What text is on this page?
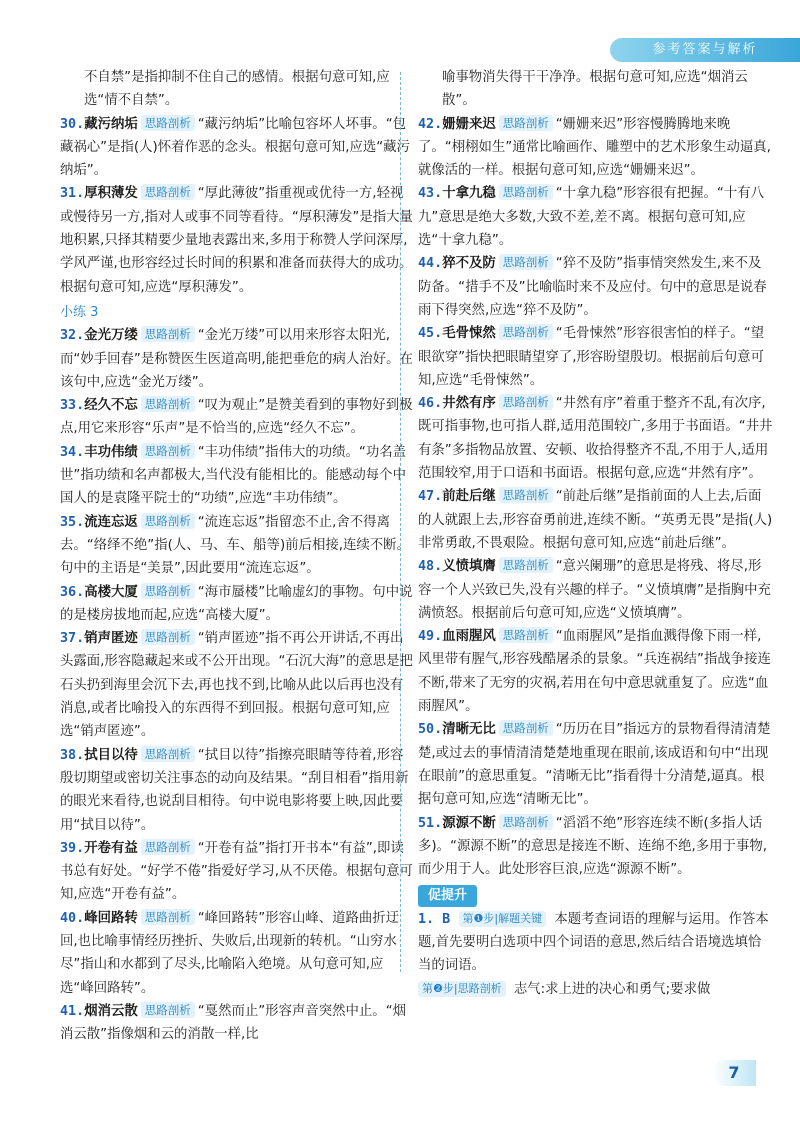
参考答案与解析

不自禁”是指抑制不住自己的感情。根据句意可知,应选“情不自禁”。

30.藏污纳垢 思路剖析 “藏污纳垢”比喻包容坏人坏事。“包藏祸心”是指(人)怀着作恶的念头。根据句意可知,应选“藏污纳垢”。

31.厚积薄发 思路剖析 “厚此薄彼”指重视或优待一方,轻视或慢待另一方,指对人或事不同等看待。“厚积薄发”是指大量地积累,只择其精要少量地表露出来,多用于称赞人学问深厚,学风严谨,也形容经过长时间的积累和准备而获得大的成功。根据句意可知,应选“厚积薄发”。

小练 3

32.金光万缕 思路剖析 “金光万缕”可以用来形容太阳光,而“妙手回春”是称赞医生医道高明,能把垂危的病人治好。在该句中,应选“金光万缕”。

33.经久不忘 思路剖析 “叹为观止”是赞美看到的事物好到极点,用它来形容“乐声”是不恰当的,应选“经久不忘”。

34.丰功伟绩 思路剖析 “丰功伟绩”指伟大的功绩。“功名盖世”指功绩和名声都极大,当代没有能相比的。能感动每个中国人的是袁隆平院士的“功绩”,应选“丰功伟绩”。

35.流连忘返 思路剖析 “流连忘返”指留恋不止,舍不得离去。“络绎不绝”指(人、马、车、船等)前后相接,连续不断。句中的主语是“美景”,因此要用“流连忘返”。

36.高楼大厦 思路剖析 “海市蜃楼”比喻虚幻的事物。句中说的是楼房拔地而起,应选“高楼大厦”。

37.销声匿迹 思路剖析 “销声匿迹”指不再公开讲话,不再出头露面,形容隐藏起来或不公开出现。“石沉大海”的意思是把石头扔到海里会沉下去,再也找不到,比喻从此以后再也没有消息,或者比喻投入的东西得不到回报。根据句意可知,应选“销声匿迹”。

38.拭目以待 思路剖析 “拭目以待”指擦亮眼睛等待着,形容殷切期望或密切关注事态的动向及结果。“刮目相看”指用新的眼光来看待,也说刮目相待。句中说电影将要上映,因此要用“拭目以待”。

39.开卷有益 思路剖析 “开卷有益”指打开书本“有益”,即读书总有好处。“好学不倦”指爱好学习,从不厌倦。根据句意可知,应选“开卷有益”。

40.峰回路转 思路剖析 “峰回路转”形容山峰、道路曲折迂回,也比喻事情经历挫折、失败后,出现新的转机。“山穷水尽”指山和水都到了尽头,比喻陷入绝境。从句意可知,应选“峰回路转”。

41.烟消云散 思路剖析 “戛然而止”形容声音突然中止。“烟消云散”指像烟和云的消散一样,比

喻事物消失得干干净净。根据句意可知,应选“烟消云散”。

42.姗姗来迟 思路剖析 “姗姗来迟”形容慢腾腾地来晚了。“栩栩如生”通常比喻画作、雕塑中的艺术形象生动逼真,就像活的一样。根据句意可知,应选“姗姗来迟”。

43.十拿九稳 思路剖析 “十拿九稳”形容很有把握。“十有八九”意思是绝大多数,大致不差,差不离。根据句意可知,应选“十拿九稳”。

44.猝不及防 思路剖析 “猝不及防”指事情突然发生,来不及防备。“措手不及”比喻临时来不及应付。句中的意思是说春雨下得突然,应选“猝不及防”。

45.毛骨悚然 思路剖析 “毛骨悚然”形容很害怕的样子。“望眼欲穿”指快把眼睛望穿了,形容盼望殷切。根据前后句意可知,应选“毛骨悚然”。

46.井然有序 思路剖析 “井然有序”着重于整齐不乱,有次序,既可指事物,也可指人群,适用范围较广,多用于书面语。“井井有条”多指物品放置、安顿、收拾得整齐不乱,不用于人,适用范围较窄,用于口语和书面语。根据句意,应选“井然有序”。

47.前赴后继 思路剖析 “前赴后继”是指前面的人上去,后面的人就跟上去,形容奋勇前进,连续不断。“英勇无畏”是指(人)非常勇敢,不畏艰险。根据句意可知,应选“前赴后继”。

48.义愤填膺 思路剖析 “意兴阑珊”的意思是将残、将尽,形容一个人兴致已失,没有兴趣的样子。“义愤填膺”是指胸中充满愤怒。根据前后句意可知,应选“义愤填膺”。

49.血雨腥风 思路剖析 “血雨腥风”是指血溅得像下雨一样,风里带有腥气,形容残酷屠杀的景象。“兵连祸结”指战争接连不断,带来了无穷的灾祸,若用在句中意思就重复了。应选“血雨腥风”。

50.清晰无比 思路剖析 “历历在目”指远方的景物看得清清楚楚,或过去的事情清清楚楚地重现在眼前,该成语和句中“出现在眼前”的意思重复。“清晰无比”指看得十分清楚,逼真。根据句意可知,应选“清晰无比”。

51.源源不断 思路剖析 “滔滔不绝”形容连续不断(多指人话多)。“源源不断”的意思是接连不断、连绵不绝,多用于事物,而少用于人。此处形容巨浪,应选“源源不断”。

促提升

1. B 第❶步|解题关键 本题考查词语的理解与运用。作答本题,首先要明白选项中四个词语的意思,然后结合语境选填恰当的词语。

第❷步|思路剖析 志气:求上进的决心和勇气;要求做

7
